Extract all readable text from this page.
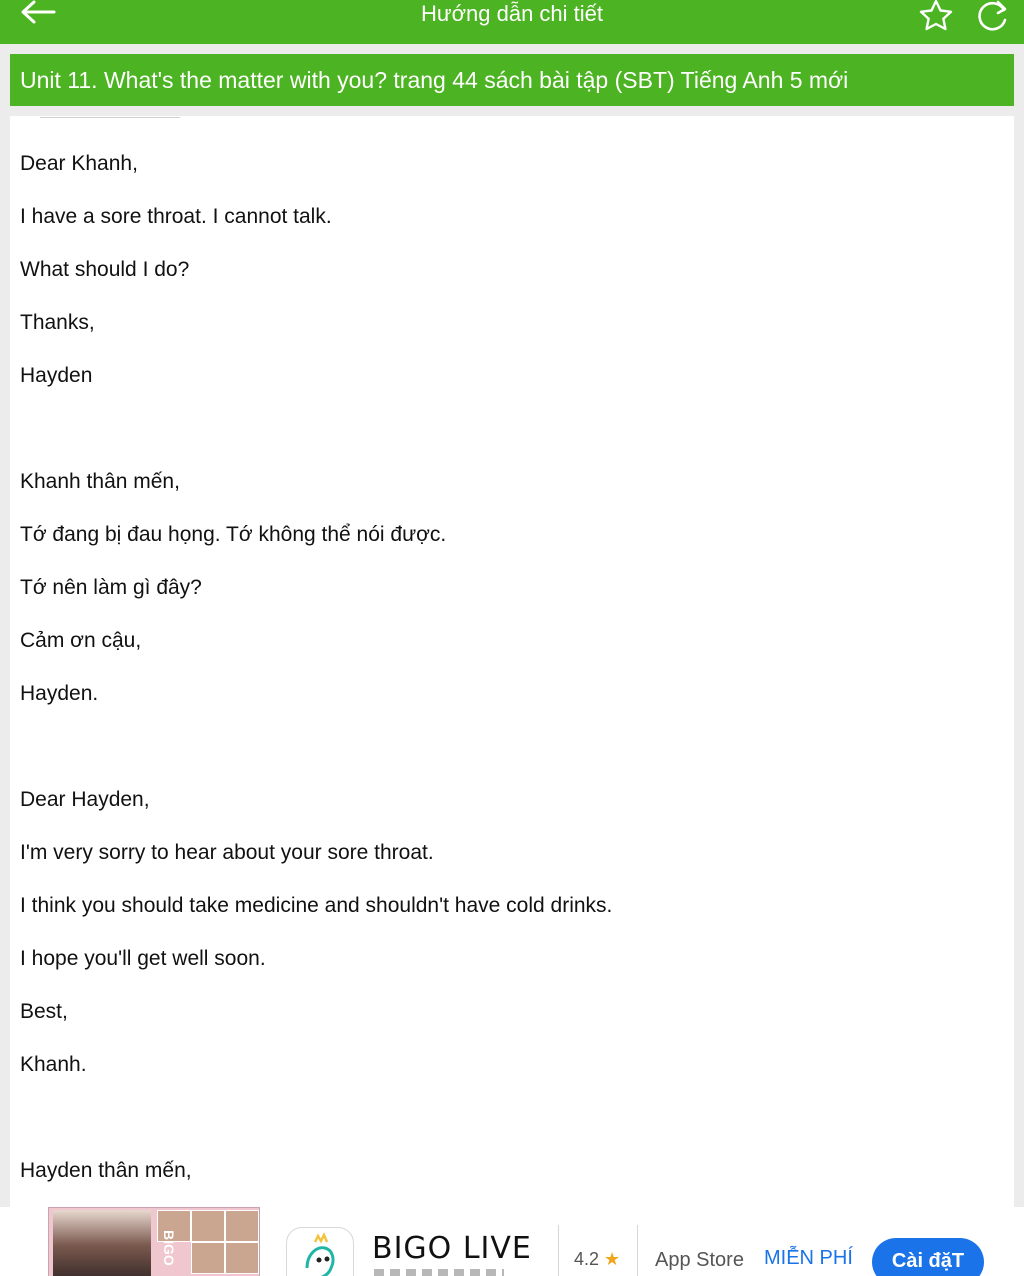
Hướng dẫn chi tiết
Unit 11. What's the matter with you? trang 44 sách bài tập (SBT) Tiếng Anh 5 mới

Dear Khanh,

I have a sore throat. I cannot talk.

What should I do?

Thanks,

Hayden

Khanh thân mến,

Tớ đang bị đau họng. Tớ không thể nói được.

Tớ nên làm gì đây?

Cảm ơn cậu,

Hayden.

Dear Hayden,

I'm very sorry to hear about your sore throat.

I think you should take medicine and shouldn't have cold drinks.

I hope you'll get well soon.

Best,

Khanh.

Hayden thân mến,

BIGO	BIGO LIVE 4.2 ★ App Store MIỄN PHÍ	Cài đặT
